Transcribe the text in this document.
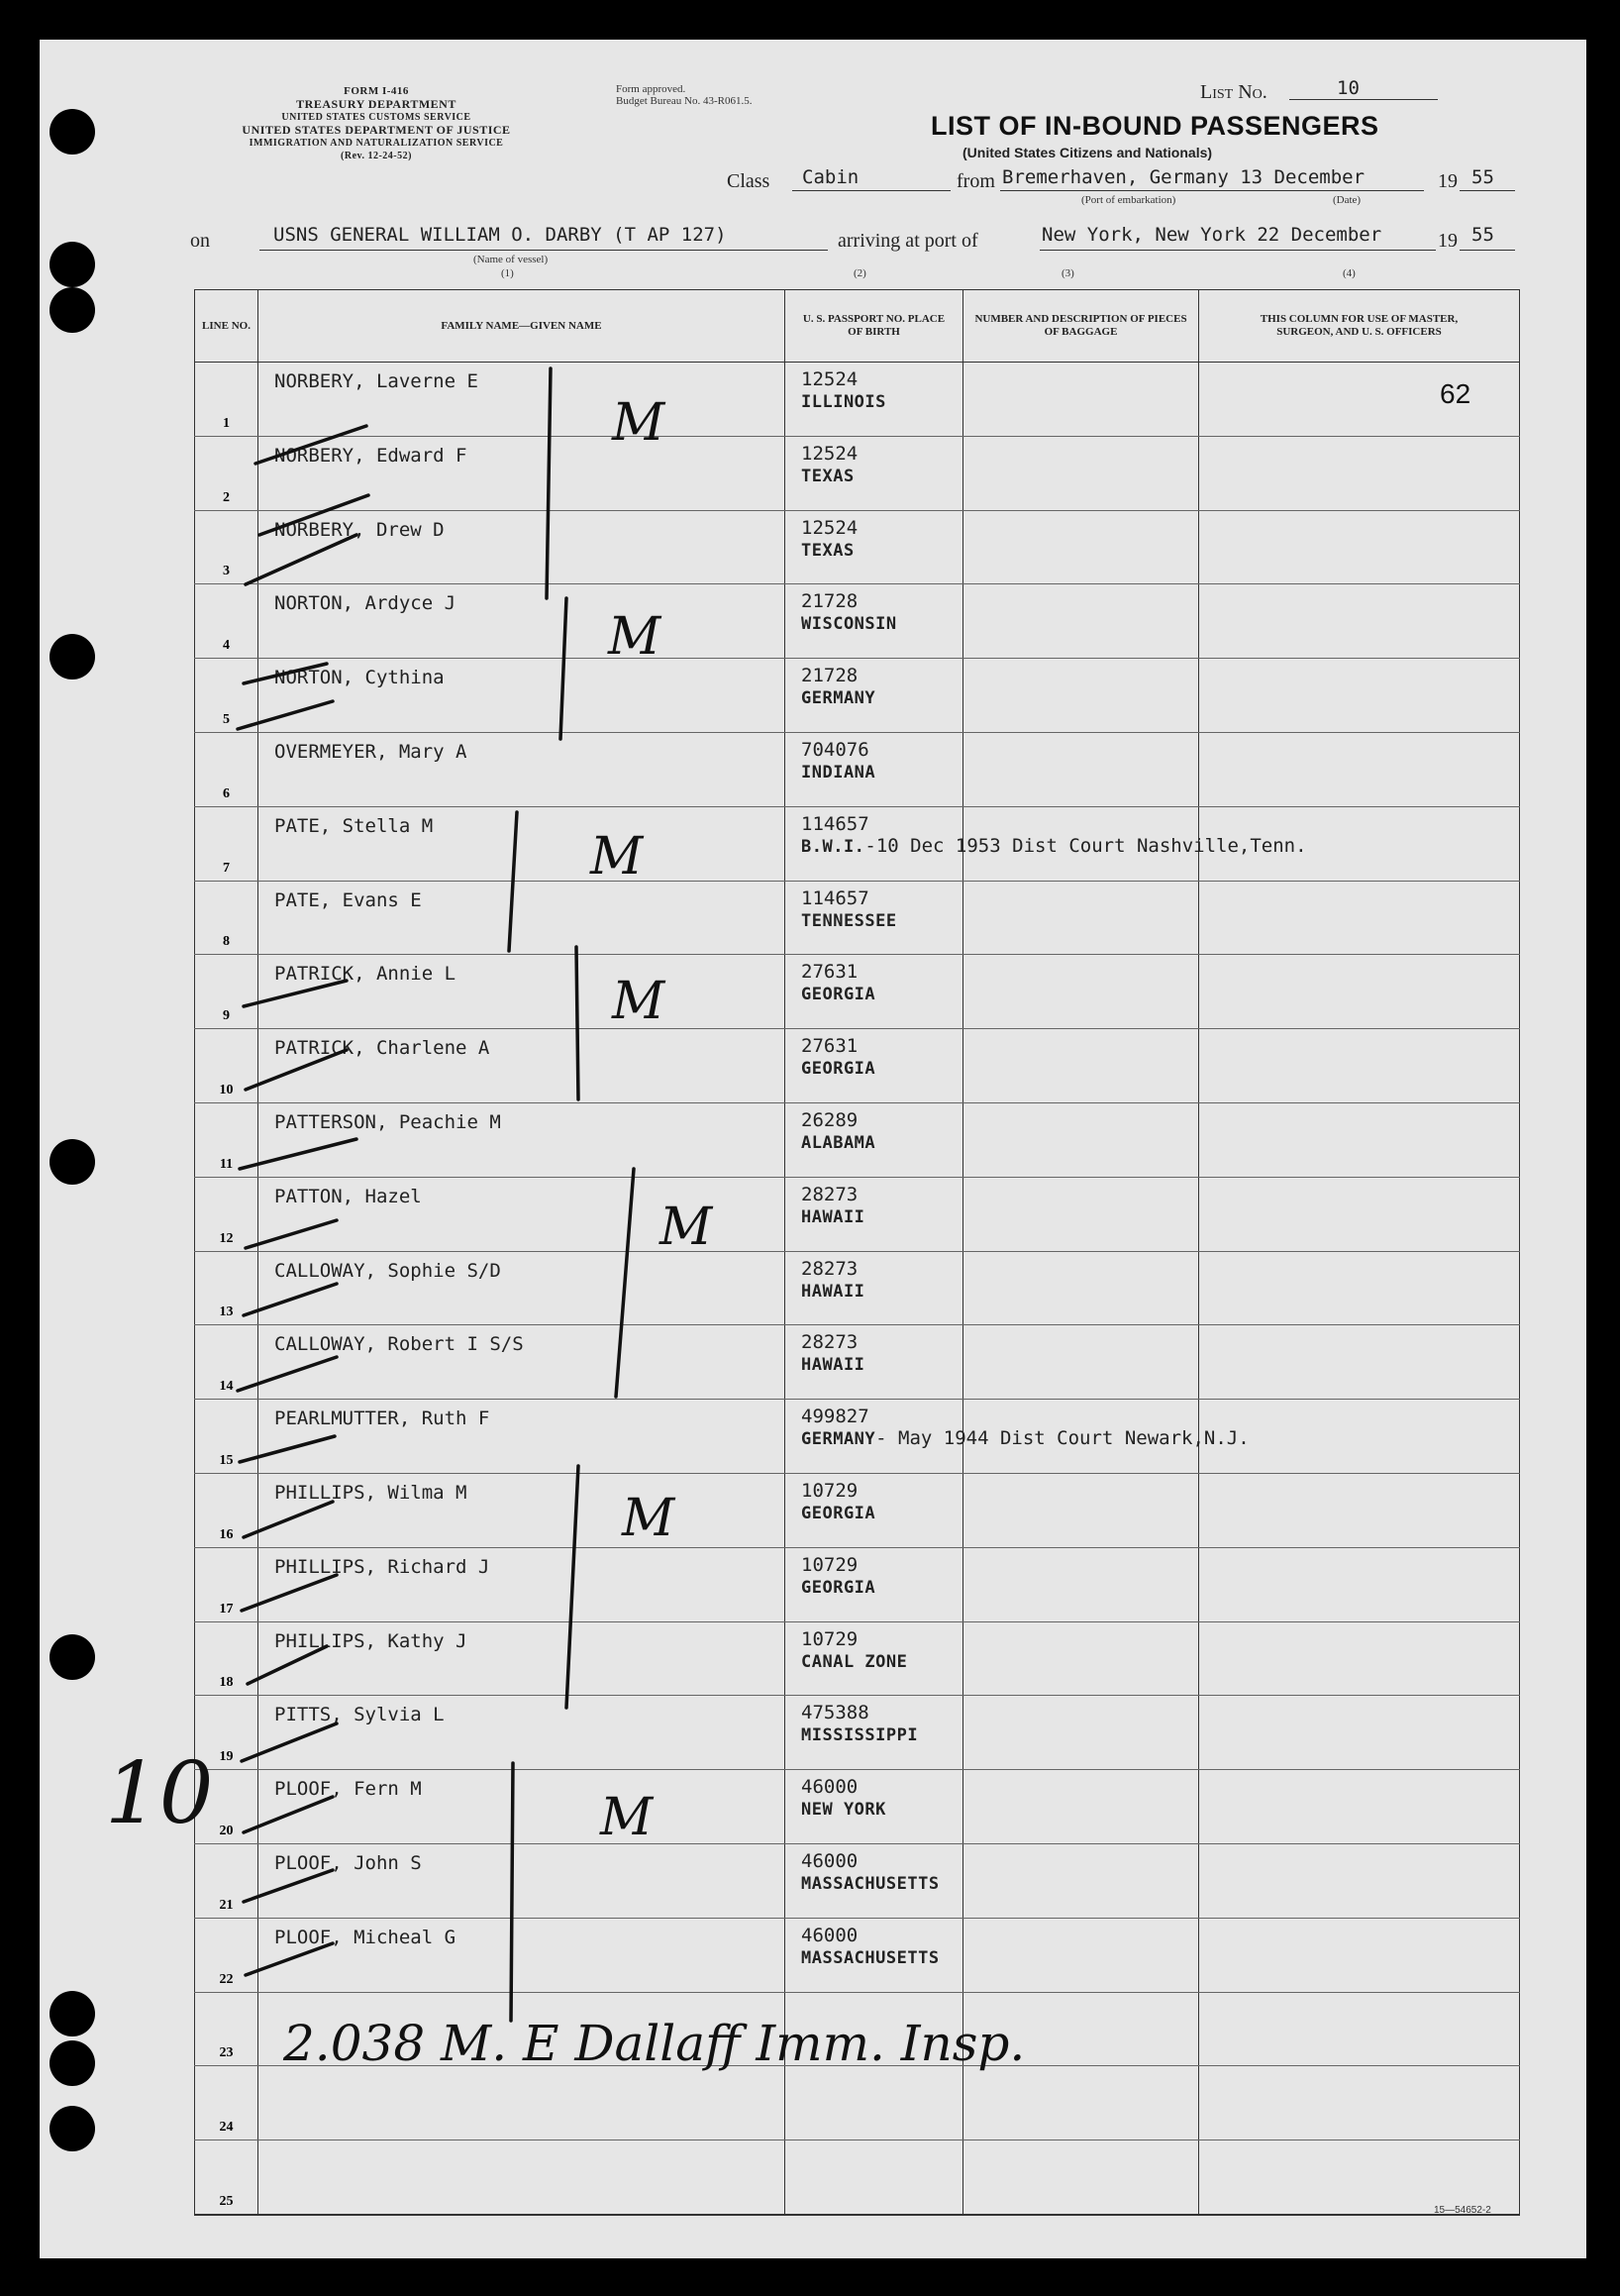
FORM I-416
TREASURY DEPARTMENT
UNITED STATES CUSTOMS SERVICE
UNITED STATES DEPARTMENT OF JUSTICE
IMMIGRATION AND NATURALIZATION SERVICE
(Rev. 12-24-52)
Form approved.
Budget Bureau No. 43-R061.5.	List No.	10
LIST OF IN-BOUND PASSENGERS
(United States Citizens and Nationals)
Class Cabin	from Bremerhaven, Germany 13 December	19 55
(Port of embarkation)	(Date)
on	USNS GENERAL WILLIAM O. DARBY (T AP 127)	arriving at port of	New York, New York 22 December	19 55
(Name of vessel)
(1)	(2)	(3)	(4)
LINE NO.	FAMILY NAME—GIVEN NAME	U. S. PASSPORT NO. PLACE OF BIRTH	NUMBER AND DESCRIPTION OF PIECES OF BAGGAGE	THIS COLUMN FOR USE OF MASTER, SURGEON, AND U. S. OFFICERS

1	NORBERY, Laverne E	12524
ILLINOIS		

2	NORBERY, Edward F	12524
TEXAS		

3	NORBERY, Drew D	12524
TEXAS		

4	NORTON, Ardyce J	21728
WISCONSIN		

5	NORTON, Cythina	21728
GERMANY		

6	OVERMEYER, Mary A	704076
INDIANA		

7	PATE, Stella M	114657
B.W.I.-10 Dec 1953 Dist Court Nashville,Tenn.		

8	PATE, Evans E	114657
TENNESSEE		

9	PATRICK, Annie L	27631
GEORGIA		

10	PATRICK, Charlene A	27631
GEORGIA		

11	PATTERSON, Peachie M	26289
ALABAMA		

12	PATTON, Hazel	28273
HAWAII		

13	CALLOWAY, Sophie S/D	28273
HAWAII		

14	CALLOWAY, Robert I S/S	28273
HAWAII		

15	PEARLMUTTER, Ruth F	499827
GERMANY- May 1944 Dist Court Newark,N.J.		

16	PHILLIPS, Wilma M	10729
GEORGIA		

17	PHILLIPS, Richard J	10729
GEORGIA		

18	PHILLIPS, Kathy J	10729
CANAL ZONE		

19	PITTS, Sylvia L	475388
MISSISSIPPI		

20	PLOOF, Fern M	46000
NEW YORK		

21	PLOOF, John S	46000
MASSACHUSETTS		

22	PLOOF, Micheal G	46000
MASSACHUSETTS		

23				

24				

25				

62
M
M
M
M
M
M
M
10
2.038 M. E Dallaff Imm. Insp.
15—54652-2
